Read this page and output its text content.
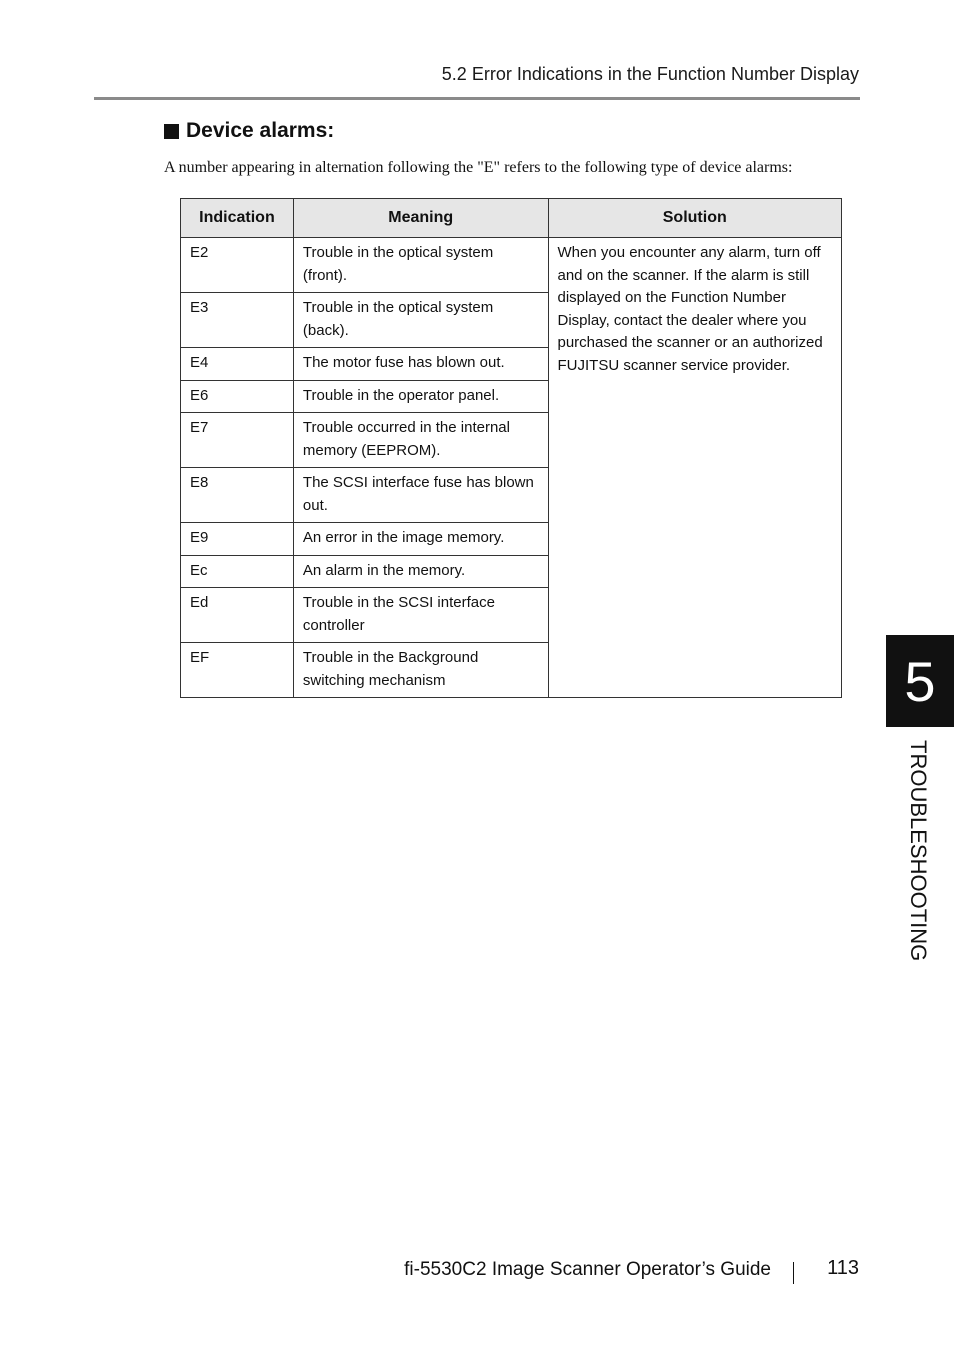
5.2 Error Indications in the Function Number Display
Device alarms:
A number appearing in alternation following the "E" refers to the following type of device alarms:
Indication	Meaning	Solution
E2	Trouble in the optical system (front).	When you encounter any alarm, turn off and on the scanner. If the alarm is still displayed on the Function Number Display, contact the dealer where you purchased the scanner or an authorized FUJITSU scanner service provider.
E3	Trouble in the optical system (back).	
E4	The motor fuse has blown out.	
E6	Trouble in the operator panel.	
E7	Trouble occurred in the internal memory (EEPROM).	
E8	The SCSI interface fuse has blown out.	
E9	An error in the image memory.	
Ec	An alarm in the memory.	
Ed	Trouble in the SCSI interface controller	
EF	Trouble in the Background switching mechanism		5
TROUBLESHOOTING
fi-5530C2 Image Scanner Operator’s Guide	113
